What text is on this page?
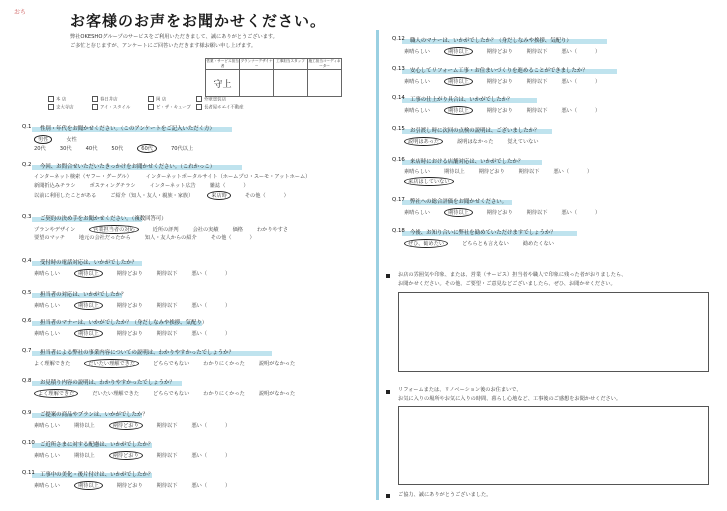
おち	お客様のお声をお聞かせください。
弊社OKESHOグループのサービスをご利用いただきまして、誠にありがとうございます。
ご多忙と存じますが、アンケートにご回答いただきます様お願い申し上げます。
営業・サービス担当者	プランナーデザイナー	工事担当スタッフ	施工担当コーディネーター
守上			
本 店	春日井店	岡 店	外壁塗装店
支大寺店	アイ・スタイル	ビ・ザ・キューブ	長者屋ホエイ不動産
Q.1 性別・年代をお聞かせください。（このアンケートをご記入いただく方）
男性	女性
20代	30代	40代	50代	60代	70代以上
Q.2 今回、お問合せいただいたきっかけをお聞かせください。（これかっこ）
インターネット検索（ヤフー・グーグル）	インターネットポータルサイト（ホームプロ・スーモ・アットホーム）
新聞折込みチラシ	ポスティングチラシ	インターネット広告	雑誌（	）
以前に利用したことがある	ご紹介（知人・友人・親族・家族）	来店時	その他（	）
Q.3 ご契約の決め手をお聞かせください。（複数回答可）
プランやデザイン	営業担当者の対応	近所の評判	会社の実績	価格	わかりやすさ
要望のマッチ	地元の会社だったから	知人・友人からの紹介	その他（	）
Q.4 受付時の電話対応は、いかがでしたか？
素晴らしい	期待以上	期待どおり	期待以下	悪い（	）
Q.5 担当者の対応は、いかがでしたか？
素晴らしい	期待以上	期待どおり	期待以下	悪い（	）
Q.6 担当者のマナーは、いかがでしたか？（身だしなみや挨拶、気配り）
素晴らしい	期待以上	期待どおり	期待以下	悪い（	）
Q.7 担当者による弊社の事業内容についての説明は、わかりやすかったでしょうか？
よく理解できた	だいたい理解できた	どちらでもない	わかりにくかった	説明がなかった
Q.8 お見積り内容の説明は、わかりやすかったでしょうか？
よく理解できた	だいたい理解できた	どちらでもない	わかりにくかった	説明がなかった
Q.9 ご提案の商品やプランは、いかがでしたか？
素晴らしい	期待以上	期待どおり	期待以下	悪い（	）
Q.10 ご近所さまに対する配慮は、いかがでしたか？
素晴らしい	期待以上	期待どおり	期待以下	悪い（	）
Q.11 工事中の美化・後片付けは、いかがでしたか？
素晴らしい	期待以上	期待どおり	期待以下	悪い（	）
Q.12 職人のマナーは、いかがでしたか？（身だしなみや挨拶、気配り）
素晴らしい	期待以上	期待どおり	期待以下	悪い（	）
Q.13 安心してリフォーム工事・お住まいづくりを進めることができましたか？
素晴らしい	期待以上	期待どおり	期待以下	悪い（	）
Q.14 工事の仕上がり具合は、いかがでしたか？
素晴らしい	期待以上	期待どおり	期待以下	悪い（	）
Q.15 お引渡し時に次回の点検の説明は、ございましたか？
説明はあった	説明はなかった	覚えていない
Q.16 来店時における店舗対応は、いかがでしたか？
素晴らしい	期待以上	期待どおり	期待以下	悪い（	）
来店はしていない
Q.17 弊社への総合評価をお聞かせください。
素晴らしい	期待以上	期待どおり	期待以下	悪い（	）
Q.18 今後、お知り合いに弊社を勧めていただけますでしょうか？
ぜひ、勧めたい	どちらとも言えない	勧めたくない
お店の雰囲気や印象、または、営業（サービス）担当者や職人で印象に残った者がおりましたら、
お聞かせください。その他、ご要望・ご意見などございましたら、ぜひ、お聞かせください。
リフォームまたは、リノベーション後のお住まいで、
お気に入りの場所やお気に入りの時間、暮らし心地など、工事後のご感想をお聞かせください。
ご協力、誠にありがとうございました。
